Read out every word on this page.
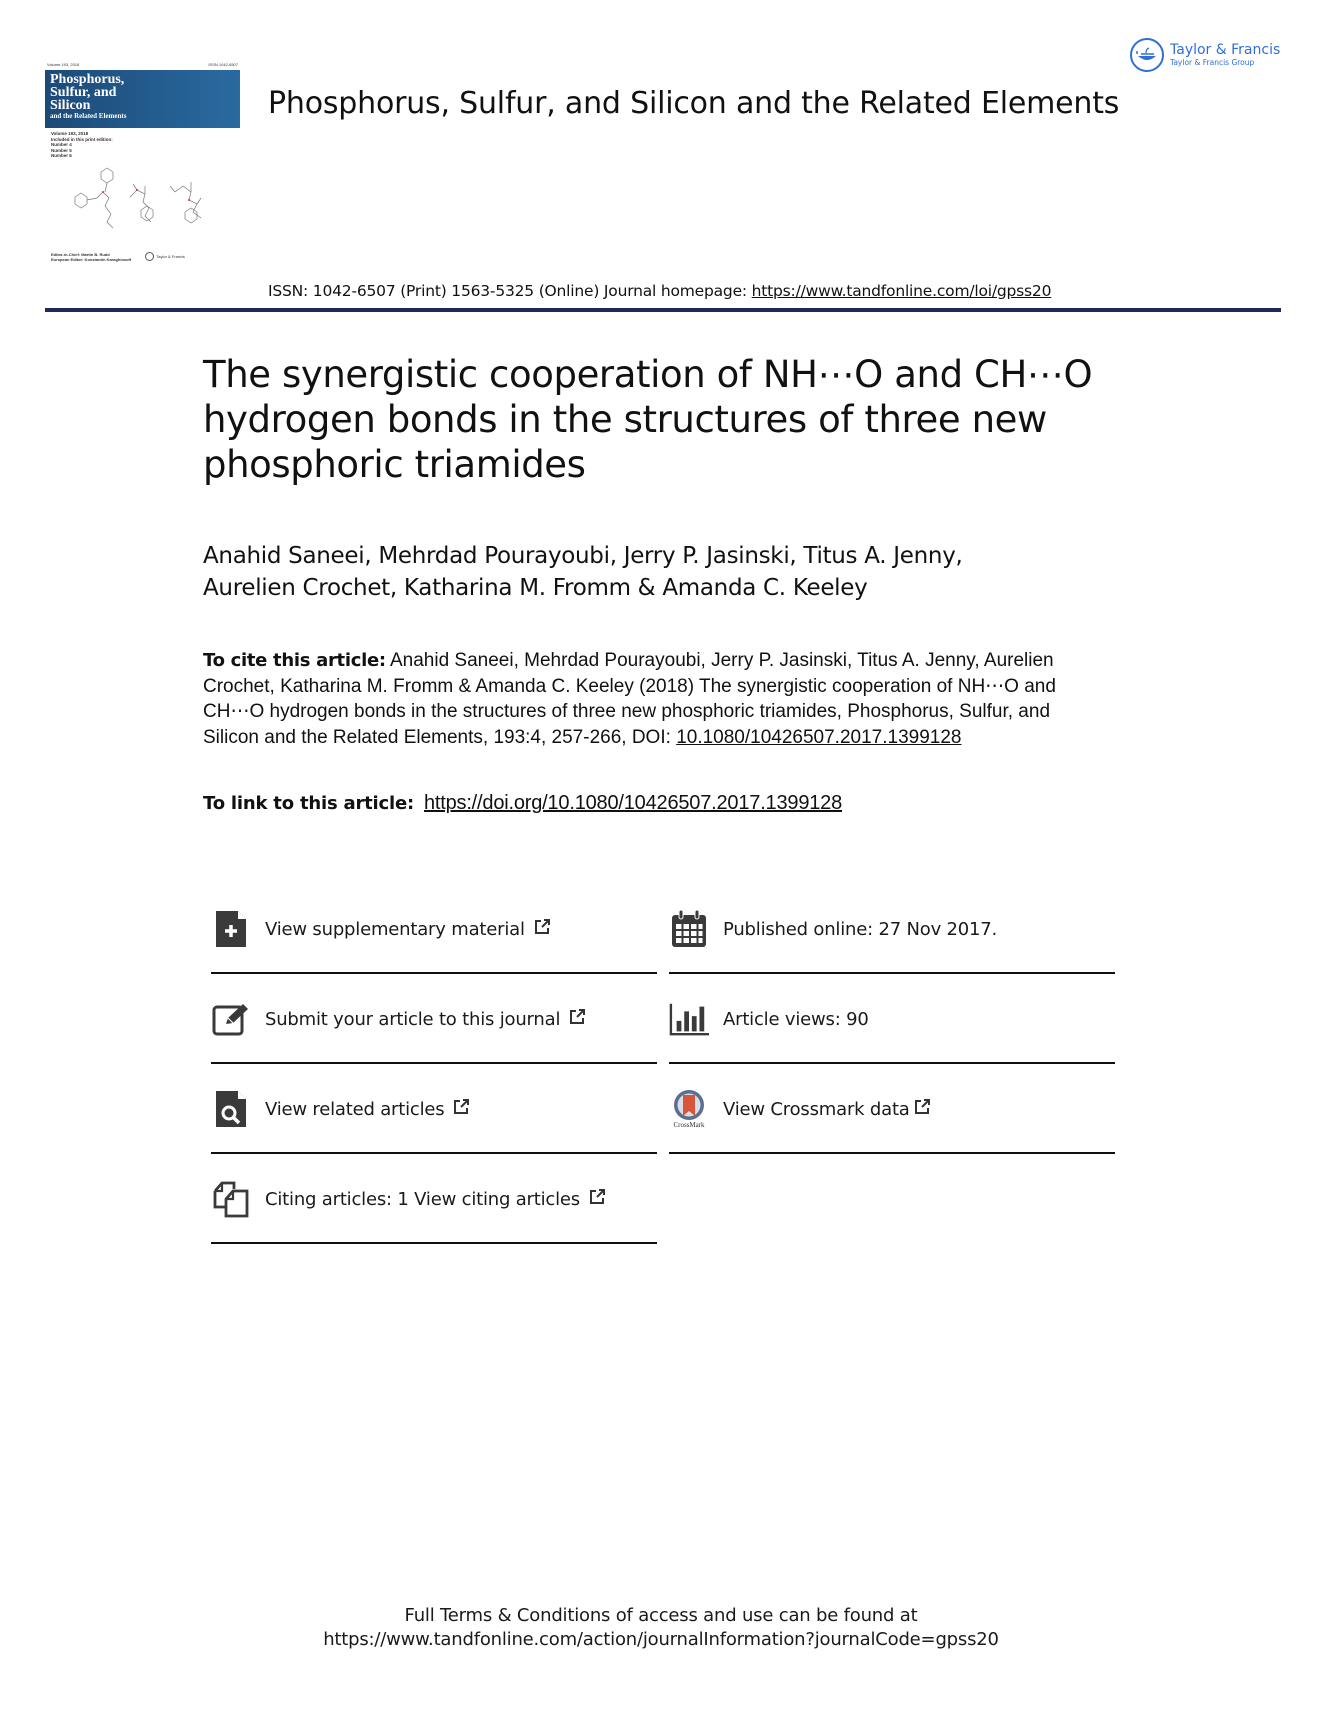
Volume 193, 2018	ISSN 1042-6507
Phosphorus,
Sulfur, and
Silicon
and the Related Elements
Volume 193, 2018
Included in this print edition:
Number 4
Number 5
Number 6
Editor-in-Chief: Martin B. Rudd
European Editor: Konstantin Karaghiosoff	Taylor & Francis
Phosphorus, Sulfur, and Silicon and the Related Elements
Taylor & Francis
Taylor & Francis Group
ISSN: 1042-6507 (Print) 1563-5325 (Online) Journal homepage: https://www.tandfonline.com/loi/gpss20
The synergistic cooperation of NH⋯O and CH⋯O
hydrogen bonds in the structures of three new
phosphoric triamides
Anahid Saneei, Mehrdad Pourayoubi, Jerry P. Jasinski, Titus A. Jenny,
Aurelien Crochet, Katharina M. Fromm & Amanda C. Keeley
To cite this article: Anahid Saneei, Mehrdad Pourayoubi, Jerry P. Jasinski, Titus A. Jenny, Aurelien Crochet, Katharina M. Fromm & Amanda C. Keeley (2018) The synergistic cooperation of NH⋯O and CH⋯O hydrogen bonds in the structures of three new phosphoric triamides, Phosphorus, Sulfur, and Silicon and the Related Elements, 193:4, 257-266, DOI: 10.1080/10426507.2017.1399128
To link to this article: https://doi.org/10.1080/10426507.2017.1399128
View supplementary material
Submit your article to this journal
View related articles
Citing articles: 1 View citing articles
Published online: 27 Nov 2017.
Article views: 90
CrossMark
View Crossmark data
Full Terms & Conditions of access and use can be found at
https://www.tandfonline.com/action/journalInformation?journalCode=gpss20
